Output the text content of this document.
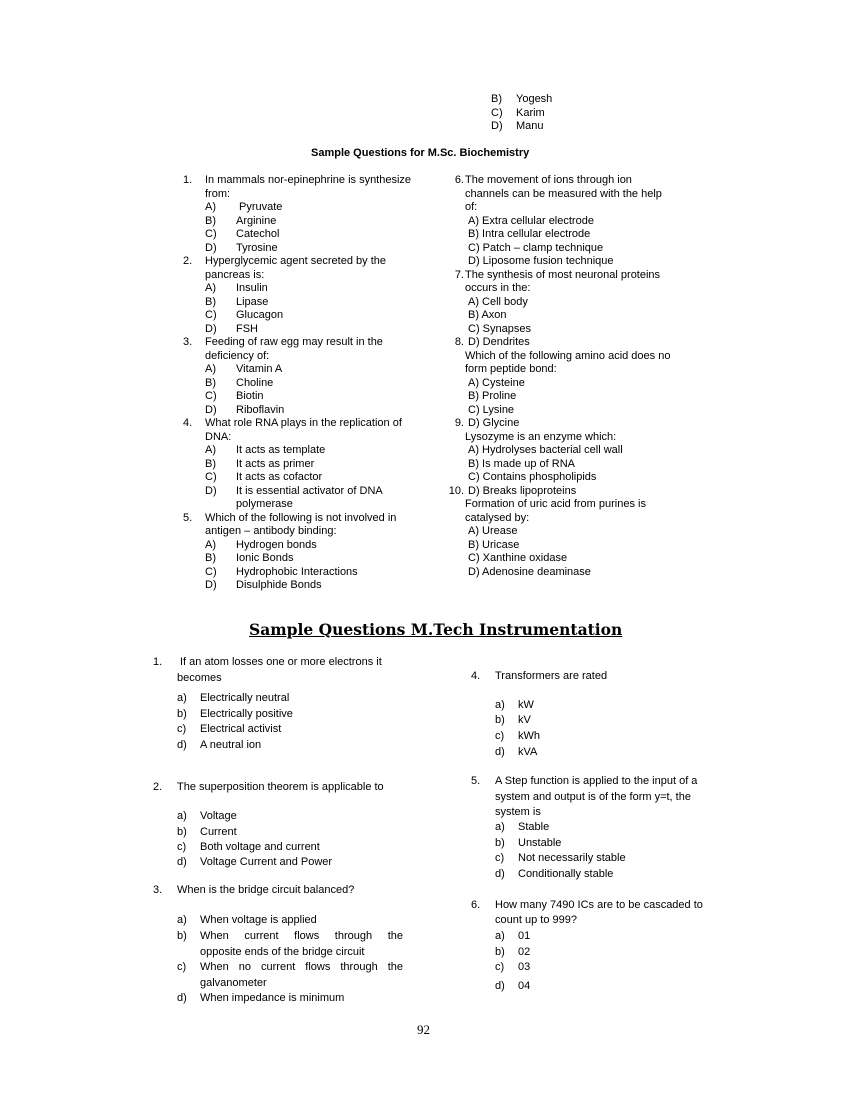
B) Yogesh
C) Karim
D) Manu
Sample Questions for M.Sc. Biochemistry
1. In mammals nor-epinephrine is synthesize
from:
A) Pyruvate
B) Arginine
C) Catechol
D) Tyrosine
2. Hyperglycemic agent secreted by the
pancreas is:
A) Insulin
B) Lipase
C) Glucagon
D) FSH
3. Feeding of raw egg may result in the
deficiency of:
A) Vitamin A
B) Choline
C) Biotin
D) Riboflavin
4. What role RNA plays in the replication of
DNA:
A) It acts as template
B) It acts as primer
C) It acts as cofactor
D) It is essential activator of DNA
polymerase
5. Which of the following is not involved in
antigen – antibody binding:
A) Hydrogen bonds
B) Ionic Bonds
C) Hydrophobic Interactions
D) Disulphide Bonds
6.The movement of ions through ion
channels can be measured with the help
of:
A) Extra cellular electrode
B) Intra cellular electrode
C) Patch – clamp technique
D) Liposome fusion technique
7.The synthesis of most neuronal proteins
occurs in the:
A) Cell body
B) Axon
C) Synapses
8. D) Dendrites
Which of the following amino acid does no
form peptide bond:
A) Cysteine
B) Proline
C) Lysine
9. D) Glycine
Lysozyme is an enzyme which:
A) Hydrolyses bacterial cell wall
B) Is made up of RNA
C) Contains phospholipids
10. D) Breaks lipoproteins
Formation of uric acid from purines is
catalysed by:
A) Urease
B) Uricase
C) Xanthine oxidase
D) Adenosine deaminase
Sample Questions M.Tech Instrumentation
1. If an atom losses one or more electrons it
becomes
a) Electrically neutral
b) Electrically positive
c) Electrical activist
d) A neutral ion
2. The superposition theorem is applicable to
a) Voltage
b) Current
c) Both voltage and current
d) Voltage Current and Power
3. When is the bridge circuit balanced?
a) When voltage is applied
b) When current flows through the
opposite ends of the bridge circuit
c) When no current flows through the
galvanometer
d) When impedance is minimum
4. Transformers are rated
a) kW
b) kV
c) kWh
d) kVA
5. A Step function is applied to the input of a
system and output is of the form y=t, the
system is
a) Stable
b) Unstable
c) Not necessarily stable
d) Conditionally stable
6. How many 7490 ICs are to be cascaded to
count up to 999?
a) 01
b) 02
c) 03
d) 04
92
